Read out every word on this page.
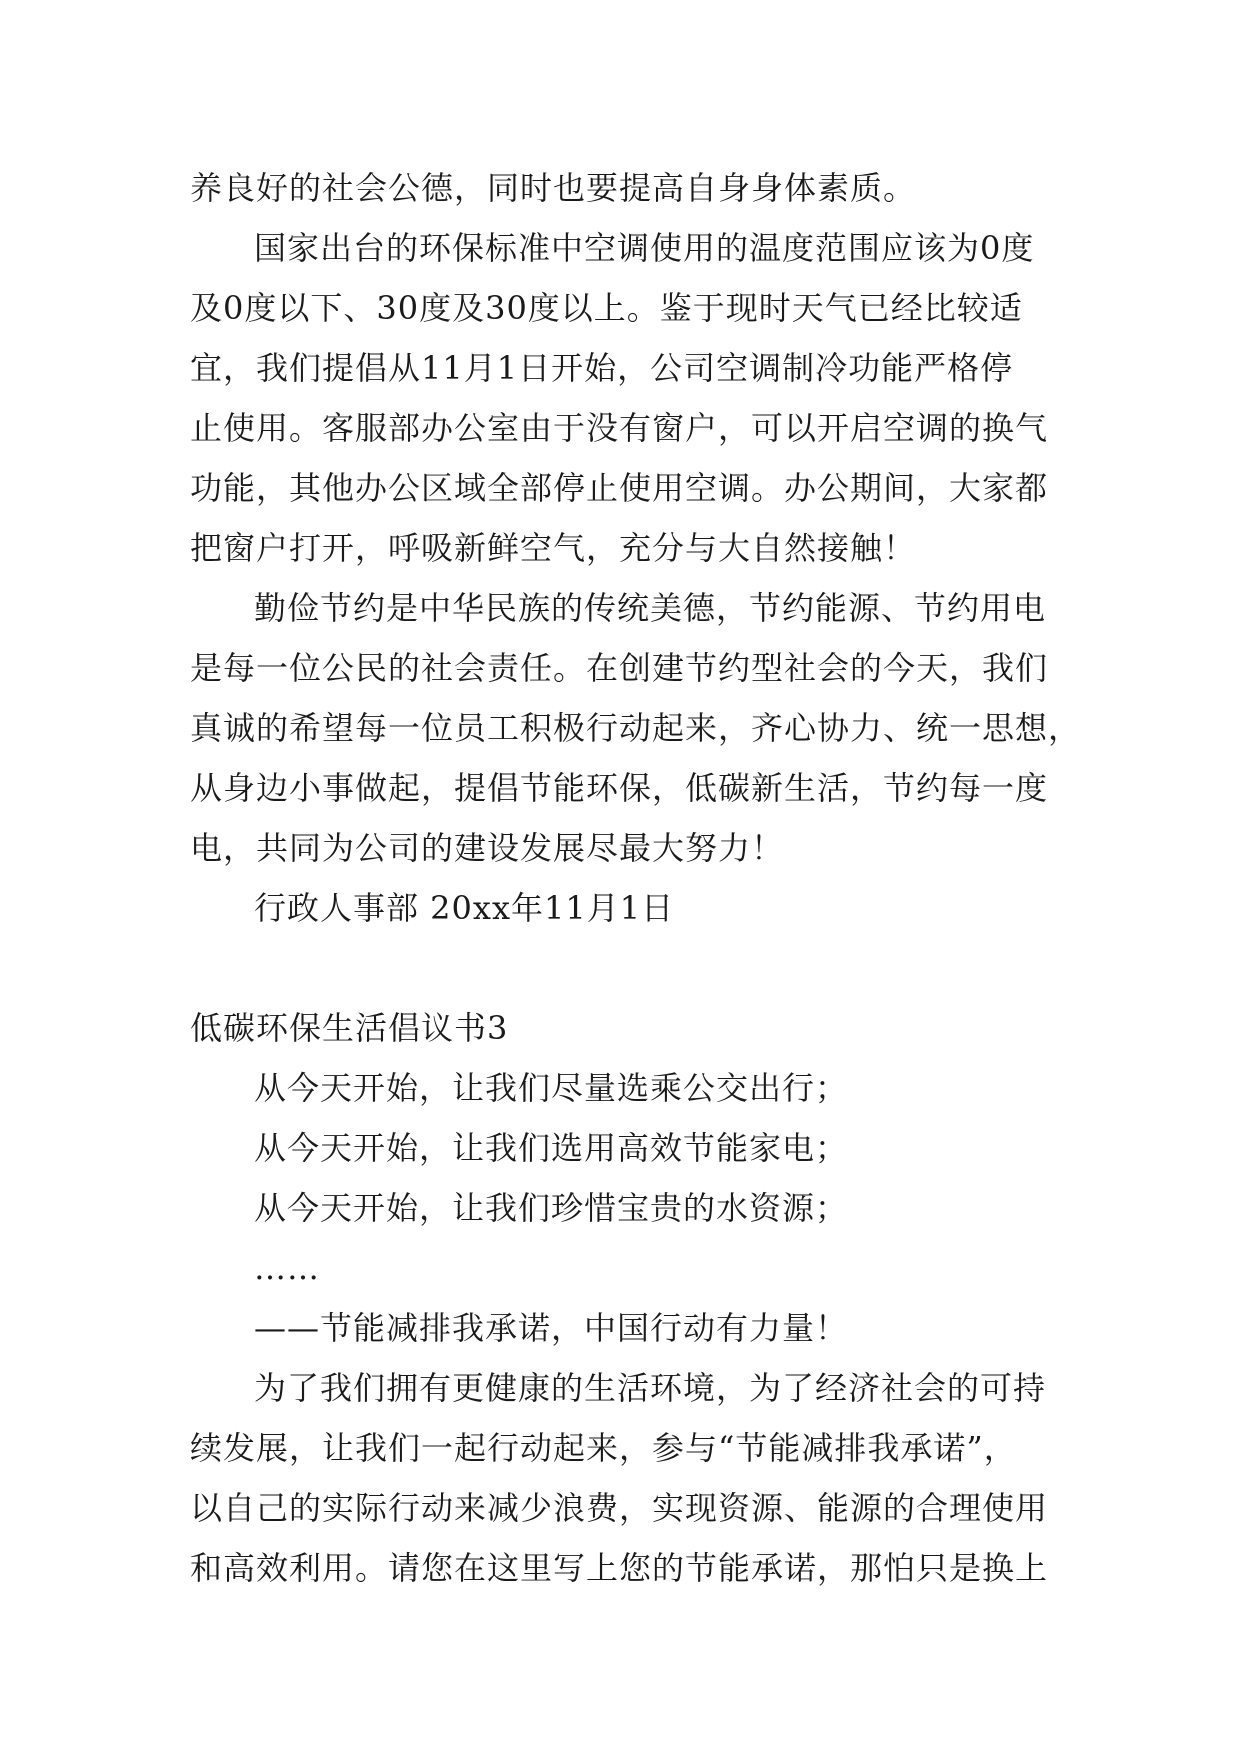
养良好的社会公德，同时也要提高自身身体素质。
国家出台的环保标准中空调使用的温度范围应该为0度
及0度以下、30度及30度以上。鉴于现时天气已经比较适
宜，我们提倡从11月1日开始，公司空调制冷功能严格停
止使用。客服部办公室由于没有窗户，可以开启空调的换气
功能，其他办公区域全部停止使用空调。办公期间，大家都
把窗户打开，呼吸新鲜空气，充分与大自然接触！
勤俭节约是中华民族的传统美德，节约能源、节约用电
是每一位公民的社会责任。在创建节约型社会的今天，我们
真诚的希望每一位员工积极行动起来，齐心协力、统一思想，
从身边小事做起，提倡节能环保，低碳新生活，节约每一度
电，共同为公司的建设发展尽最大努力！
行政人事部 20xx年11月1日
低碳环保生活倡议书3
从今天开始，让我们尽量选乘公交出行；
从今天开始，让我们选用高效节能家电；
从今天开始，让我们珍惜宝贵的水资源；
……
——节能减排我承诺，中国行动有力量！
为了我们拥有更健康的生活环境，为了经济社会的可持
续发展，让我们一起行动起来，参与“节能减排我承诺”，
以自己的实际行动来减少浪费，实现资源、能源的合理使用
和高效利用。请您在这里写上您的节能承诺，那怕只是换上
